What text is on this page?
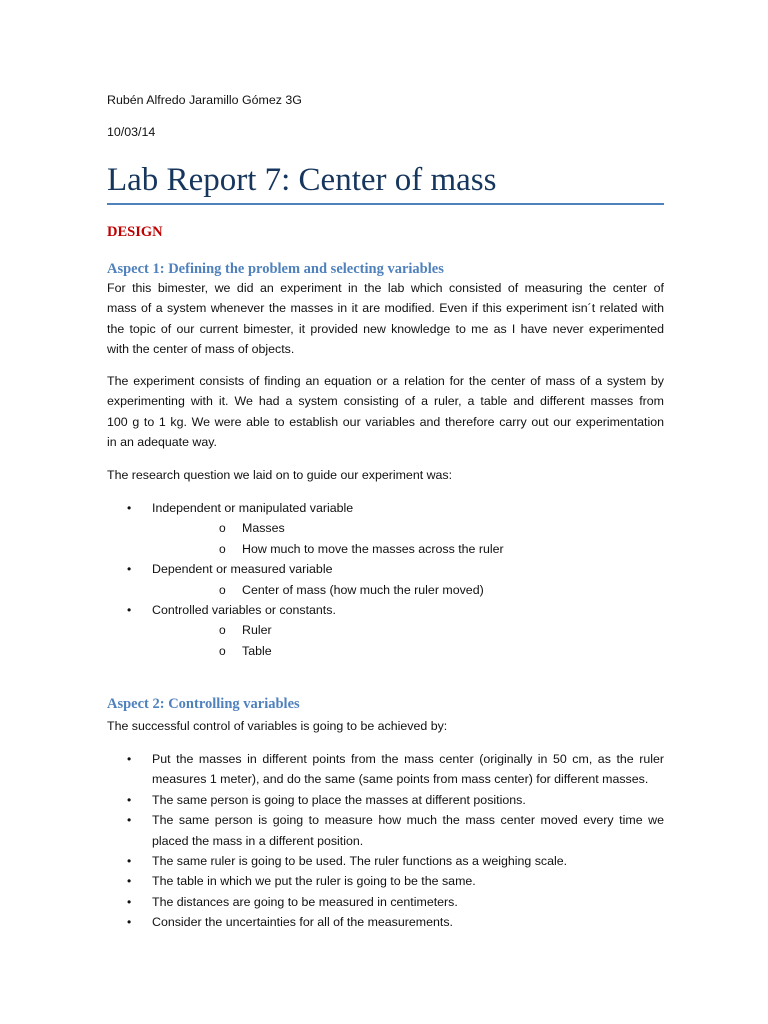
Rubén Alfredo Jaramillo Gómez 3G
10/03/14
Lab Report 7: Center of mass
DESIGN
Aspect 1: Defining the problem and selecting variables
For this bimester, we did an experiment in the lab which consisted of measuring the center of
mass of a system whenever the masses in it are modified. Even if this experiment isn´t related with
the topic of our current bimester, it provided new knowledge to me as I have never experimented
with the center of mass of objects.
The experiment consists of finding an equation or a relation for the center of mass of a system by
experimenting with it. We had a system consisting of a ruler, a table and different masses from
100 g to 1 kg. We were able to establish our variables and therefore carry out our experimentation
in an adequate way.
The research question we laid on to guide our experiment was:
• Independent or manipulated variable
o Masses
o How much to move the masses across the ruler
• Dependent or measured variable
o Center of mass (how much the ruler moved)
• Controlled variables or constants.
o Ruler
o Table
Aspect 2: Controlling variables
The successful control of variables is going to be achieved by:
• Put the masses in different points from the mass center (originally in 50 cm, as the ruler
measures 1 meter), and do the same (same points from mass center) for different masses.
• The same person is going to place the masses at different positions.
• The same person is going to measure how much the mass center moved every time we
placed the mass in a different position.
• The same ruler is going to be used. The ruler functions as a weighing scale.
• The table in which we put the ruler is going to be the same.
• The distances are going to be measured in centimeters.
• Consider the uncertainties for all of the measurements.
